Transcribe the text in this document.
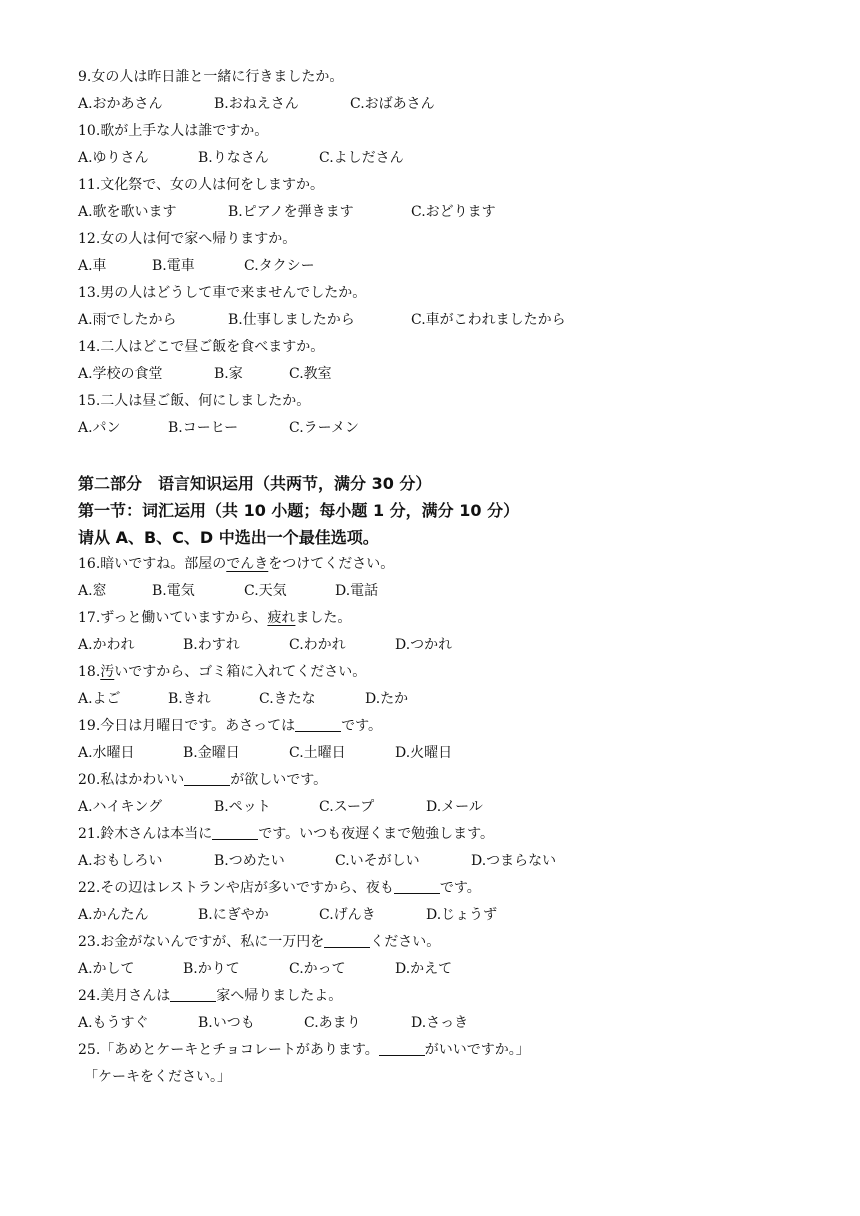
9.女の人は昨日誰と一緒に行きましたか。
A.おかあさん	B.おねえさん	C.おばあさん
10.歌が上手な人は誰ですか。
A.ゆりさん	B.りなさん	C.よしださん
11.文化祭で、女の人は何をしますか。
A.歌を歌います	B.ピアノを弾きます	C.おどります
12.女の人は何で家へ帰りますか。
A.車	B.電車	C.タクシー
13.男の人はどうして車で来ませんでしたか。
A.雨でしたから	B.仕事しましたから	C.車がこわれましたから
14.二人はどこで昼ご飯を食べますか。
A.学校の食堂	B.家	C.教室
15.二人は昼ご飯、何にしましたか。
A.パン	B.コーヒー	C.ラーメン
第二部分　语言知识运用（共两节，满分 30 分）
第一节：词汇运用（共 10 小题；每小题 1 分，满分 10 分）
请从 A、B、C、D 中选出一个最佳选项。
16.暗いですね。部屋のでんきをつけてください。
A.窓	B.電気	C.天気	D.電話
17.ずっと働いていますから、疲れました。
A.かわれ	B.わすれ	C.わかれ	D.つかれ
18.汚いですから、ゴミ箱に入れてください。
A.よご	B.きれ	C.きたな	D.たか
19.今日は月曜日です。あさっては	です。
A.水曜日	B.金曜日	C.土曜日	D.火曜日
20.私はかわいい	が欲しいです。
A.ハイキング	B.ペット	C.スープ	D.メール
21.鈴木さんは本当に	です。いつも夜遅くまで勉強します。
A.おもしろい	B.つめたい	C.いそがしい	D.つまらない
22.その辺はレストランや店が多いですから、夜も	です。
A.かんたん	B.にぎやか	C.げんき	D.じょうず
23.お金がないんですが、私に一万円を	ください。
A.かして	B.かりて	C.かって	D.かえて
24.美月さんは	家へ帰りましたよ。
A.もうすぐ	B.いつも	C.あまり	D.さっき
25.「あめとケーキとチョコレートがあります。	がいいですか。」
「ケーキをください。」
